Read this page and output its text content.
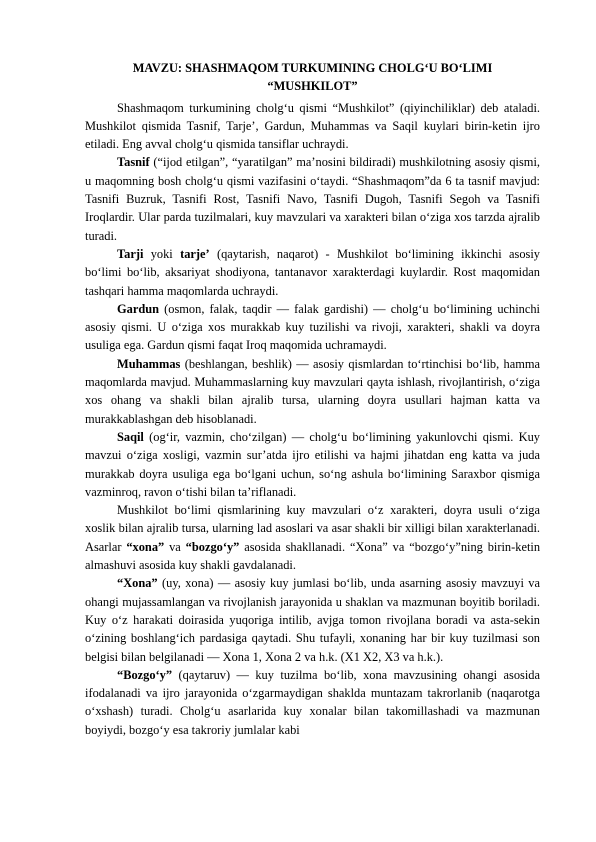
MAVZU: SHASHMAQOM TURKUMINING CHOLG‘U BO‘LIMI “MUSHKILOT”

Shashmaqom turkumining cholg‘u qismi “Mushkilot” (qiyinchiliklar) deb ataladi. Mushkilot qismida Tasnif, Tarje’, Gardun, Muhammas va Saqil kuylari birin-ketin ijro etiladi. Eng avval cholg‘u qismida tansiflar uchraydi.

Tasnif (“ijod etilgan”, “yaratilgan” ma’nosini bildiradi) mushkilotning asosiy qismi, u maqomning bosh cholg‘u qismi vazifasini o‘taydi. “Shashmaqom”da 6 ta tasnif mavjud: Tasnifi Buzruk, Tasnifi Rost, Tasnifi Navo, Tasnifi Dugoh, Tasnifi Segoh va Tasnifi Iroqlardir. Ular parda tuzilmalari, kuy mavzulari va xarakteri bilan o‘ziga xos tarzda ajralib turadi.

Tarji yoki tarje’ (qaytarish, naqarot) - Mushkilot bo‘limining ikkinchi asosiy bo‘limi bo‘lib, aksariyat shodiyona, tantanavor xarakterdagi kuylardir. Rost maqomidan tashqari hamma maqomlarda uchraydi.

Gardun (osmon, falak, taqdir — falak gardishi) — cholg‘u bo‘limining uchinchi asosiy qismi. U o‘ziga xos murakkab kuy tuzilishi va rivoji, xarakteri, shakli va doyra usuliga ega. Gardun qismi faqat Iroq maqomida uchramaydi.

Muhammas (beshlangan, beshlik) — asosiy qismlardan to‘rtinchisi bo‘lib, hamma maqomlarda mavjud. Muhammaslarning kuy mavzulari qayta ishlash, rivojlantirish, o‘ziga xos ohang va shakli bilan ajralib tursa, ularning doyra usullari hajman katta va murakkablashgan deb hisoblanadi.

Saqil (og‘ir, vazmin, cho‘zilgan) — cholg‘u bo‘limining yakunlovchi qismi. Kuy mavzui o‘ziga xosligi, vazmin sur’atda ijro etilishi va hajmi jihatdan eng katta va juda murakkab doyra usuliga ega bo‘lgani uchun, so‘ng ashula bo‘limining Saraxbor qismiga vazminroq, ravon o‘tishi bilan ta’riflanadi.

Mushkilot bo‘limi qismlarining kuy mavzulari o‘z xarakteri, doyra usuli o‘ziga xoslik bilan ajralib tursa, ularning lad asoslari va asar shakli bir xilligi bilan xarakterlanadi. Asarlar “xona” va “bozgo‘y” asosida shakllanadi. “Xona” va “bozgo‘y”ning birin-ketin almashuvi asosida kuy shakli gavdalanadi.

“Xona” (uy, xona) — asosiy kuy jumlasi bo‘lib, unda asarning asosiy mavzuyi va ohangi mujassamlangan va rivojlanish jarayonida u shaklan va mazmunan boyitib boriladi. Kuy o‘z harakati doirasida yuqoriga intilib, avjga tomon rivojlana boradi va asta-sekin o‘zining boshlang‘ich pardasiga qaytadi. Shu tufayli, xonaning har bir kuy tuzilmasi son belgisi bilan belgilanadi — Xona 1, Xona 2 va h.k. (X1 X2, X3 va h.k.).

“Bozgo‘y” (qaytaruv) — kuy tuzilma bo‘lib, xona mavzusining ohangi asosida ifodalanadi va ijro jarayonida o‘zgarmaydigan shaklda muntazam takrorlanib (naqarotga o‘xshash) turadi. Cholg‘u asarlarida kuy xonalar bilan takomillashadi va mazmunan boyiydi, bozgo‘y esa takroriy jumlalar kabi
